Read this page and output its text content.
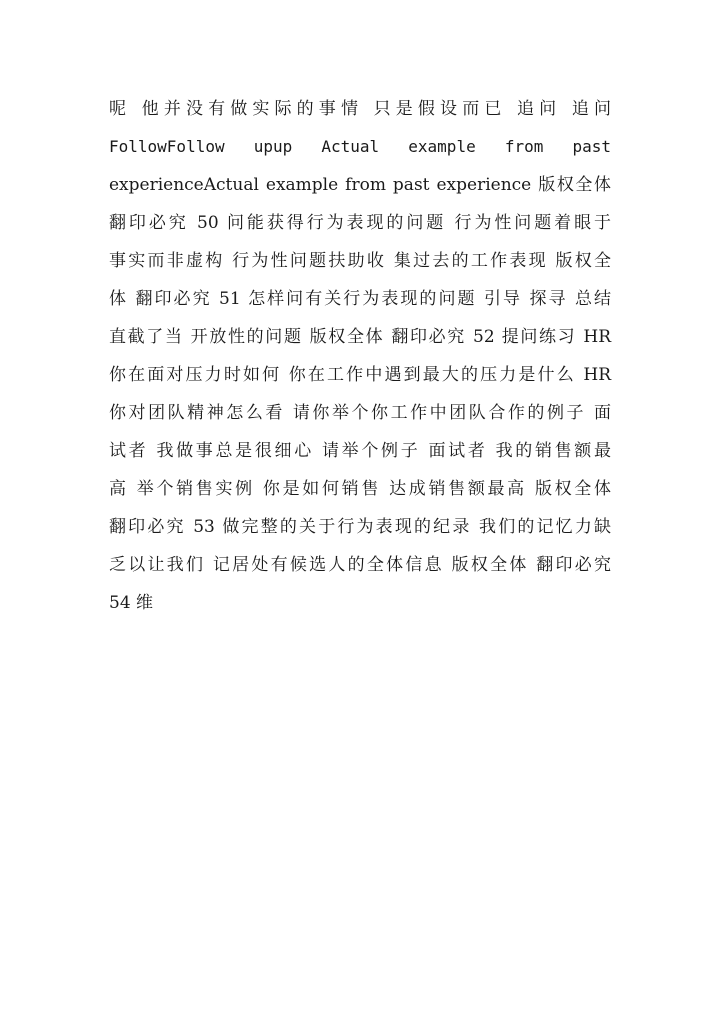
呢 他并没有做实际的事情 只是假设而已 追问 追问
FollowFollow upup Actual example from past
experienceActual example from past experience 版权全体
翻印必究 50 问能获得行为表现的问题 行为性问题着眼于
事实而非虚构 行为性问题扶助收 集过去的工作表现 版权全
体 翻印必究 51 怎样问有关行为表现的问题 引导 探寻 总结
直截了当 开放性的问题 版权全体 翻印必究 52 提问练习 HR
你在面对压力时如何 你在工作中遇到最大的压力是什么 HR
你对团队精神怎么看 请你举个你工作中团队合作的例子 面
试者 我做事总是很细心 请举个例子 面试者 我的销售额最
高 举个销售实例 你是如何销售 达成销售额最高 版权全体
翻印必究 53 做完整的关于行为表现的纪录 我们的记忆力缺
乏以让我们 记居处有候选人的全体信息 版权全体 翻印必究
54 维
